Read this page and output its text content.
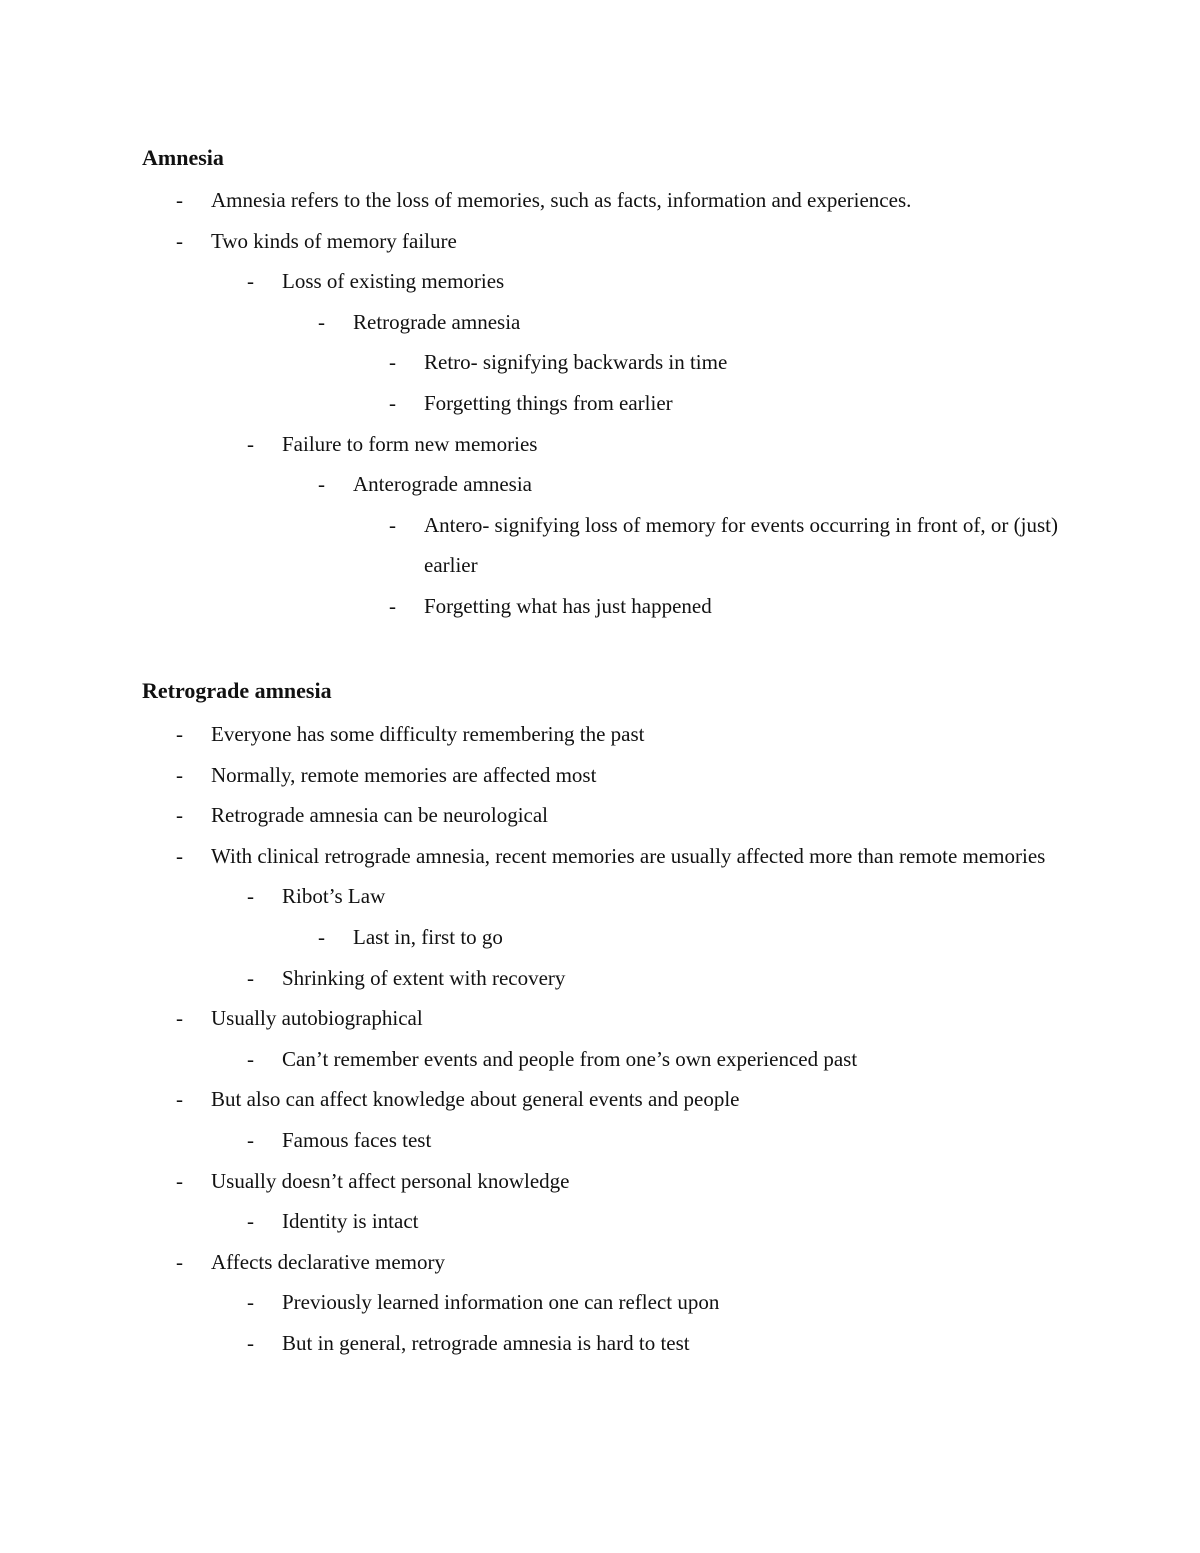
Amnesia
- Amnesia refers to the loss of memories, such as facts, information and experiences.
- Two kinds of memory failure
- Loss of existing memories
- Retrograde amnesia
- Retro- signifying backwards in time
- Forgetting things from earlier
- Failure to form new memories
- Anterograde amnesia
- Antero- signifying loss of memory for events occurring in front of, or (just) earlier
- Forgetting what has just happened
Retrograde amnesia
- Everyone has some difficulty remembering the past
- Normally, remote memories are affected most
- Retrograde amnesia can be neurological
- With clinical retrograde amnesia, recent memories are usually affected more than remote memories
- Ribot’s Law
- Last in, first to go
- Shrinking of extent with recovery
- Usually autobiographical
- Can’t remember events and people from one’s own experienced past
- But also can affect knowledge about general events and people
- Famous faces test
- Usually doesn’t affect personal knowledge
- Identity is intact
- Affects declarative memory
- Previously learned information one can reflect upon
- But in general, retrograde amnesia is hard to test
